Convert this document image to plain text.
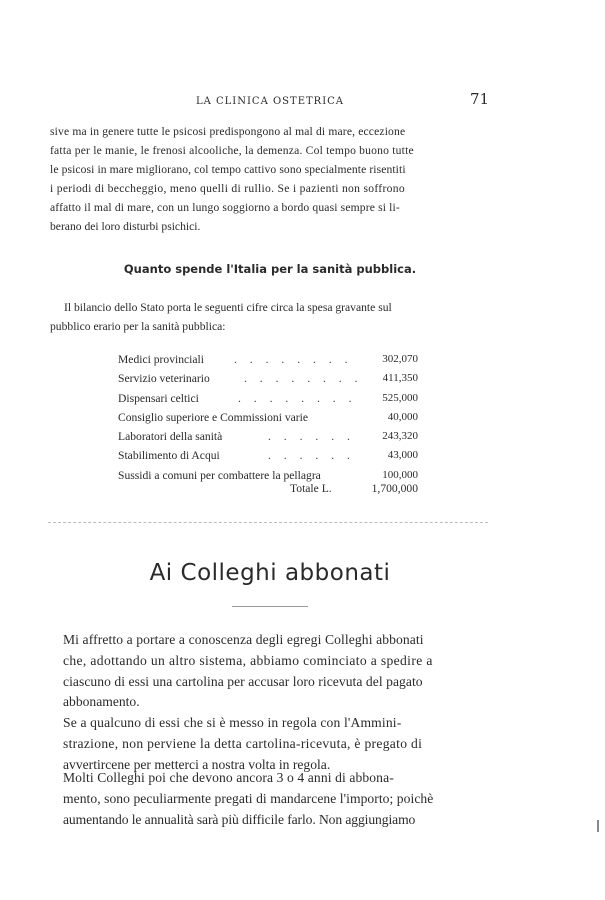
LA CLINICA OSTETRICA	71

sive ma in genere tutte le psicosi predispongono al mal di mare, eccezione
fatta per le manie, le frenosi alcooliche, la demenza. Col tempo buono tutte
le psicosi in mare migliorano, col tempo cattivo sono specialmente risentiti
i periodi di beccheggio, meno quelli di rullio. Se i pazienti non soffrono
affatto il mal di mare, con un lungo soggiorno a bordo quasi sempre si li-
berano dei loro disturbi psichici.

Quanto spende l'Italia per la sanità pubblica.

Il bilancio dello Stato porta le seguenti cifre circa la spesa gravante sul
pubblico erario per la sanità pubblica:

Medici provinciali	. . . . . . . .	302,070
Servizio veterinario	. . . . . . . . 411,350
Dispensari celtici	. . . . . . . . 525,000
Consiglio superiore e Commissioni varie	40,000
Laboratori della sanità	. . . . . . 243,320
Stabilimento di Acqui	. . . . . .	43,000
Sussidi a comuni per combattere la pellagra	100,000
Totale L.	1,700,000
Ai Colleghi abbonati

Mi affretto a portare a conoscenza degli egregi Colleghi abbonati
che, adottando un altro sistema, abbiamo cominciato a spedire a
ciascuno di essi una cartolina per accusar loro ricevuta del pagato
abbonamento.

Se a qualcuno di essi che si è messo in regola con l'Ammini-
strazione, non perviene la detta cartolina-ricevuta, è pregato di
avvertircene per metterci a nostra volta in regola.

Molti Colleghi poi che devono ancora 3 o 4 anni di abbona-
mento, sono peculiarmente pregati di mandarcene l'importo; poichè
aumentando le annualità sarà più difficile farlo. Non aggiungiamo
